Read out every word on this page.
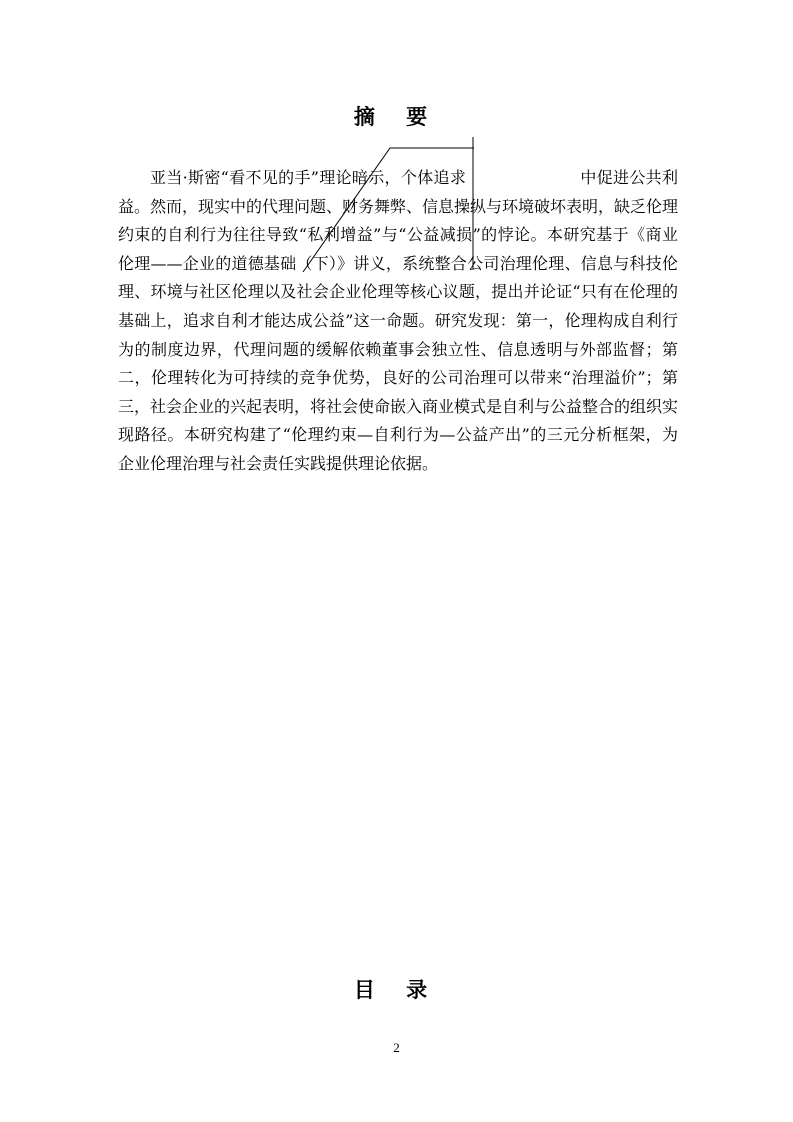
摘 要

亚当·斯密“看不见的手”理论暗示，个体追求　　　　　　　中促进公共利益。然而，现实中的代理问题、财务舞弊、信息操纵与环境破坏表明，缺乏伦理约束的自利行为往往导致“私利增益”与“公益减损”的悖论。本研究基于《商业伦理——企业的道德基础（下）》讲义，系统整合公司治理伦理、信息与科技伦理、环境与社区伦理以及社会企业伦理等核心议题，提出并论证“只有在伦理的基础上，追求自利才能达成公益”这一命题。研究发现：第一，伦理构成自利行为的制度边界，代理问题的缓解依赖董事会独立性、信息透明与外部监督；第二，伦理转化为可持续的竞争优势，良好的公司治理可以带来“治理溢价”；第三，社会企业的兴起表明，将社会使命嵌入商业模式是自利与公益整合的组织实现路径。本研究构建了“伦理约束—自利行为—公益产出”的三元分析框架，为企业伦理治理与社会责任实践提供理论依据。

目 录
2
